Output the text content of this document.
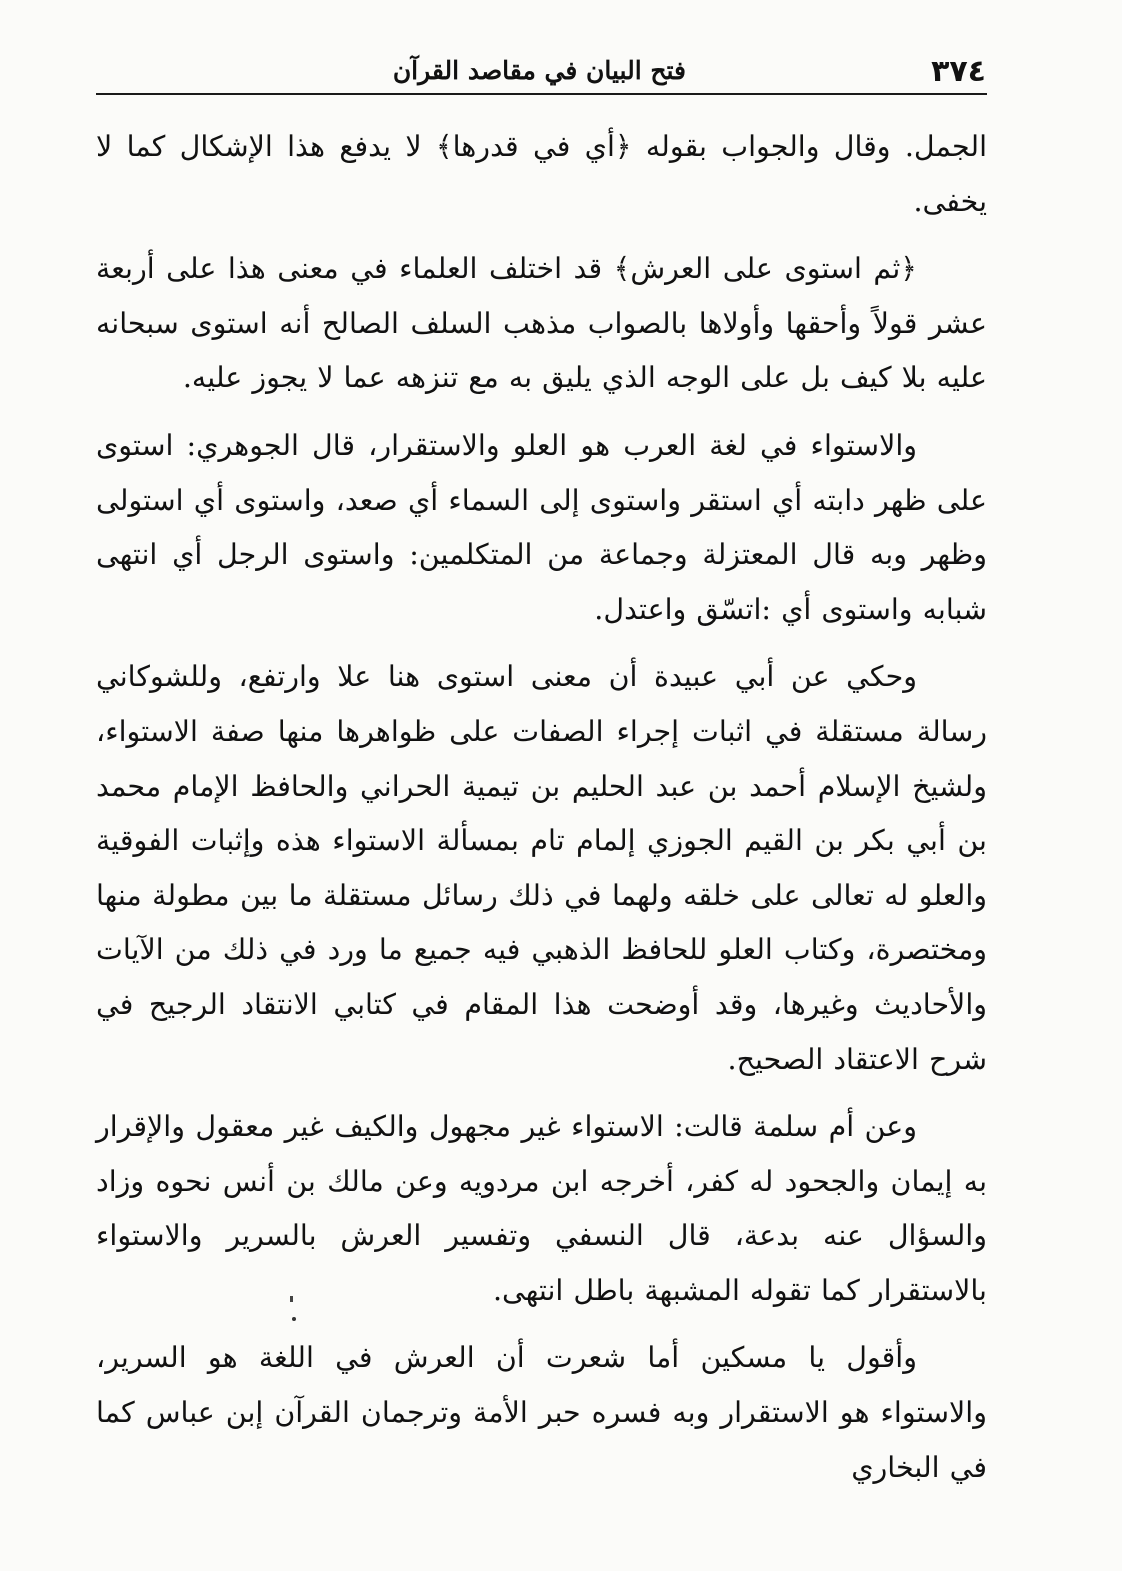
٣٧٤
فتح البيان في مقاصد القرآن

الجمل. وقال والجواب بقوله ﴿أي في قدرها﴾ لا يدفع هذا الإشكال كما لا يخفى.

﴿ثم استوى على العرش﴾ قد اختلف العلماء في معنى هذا على أربعة عشر قولاً وأحقها وأولاها بالصواب مذهب السلف الصالح أنه استوى سبحانه عليه بلا كيف بل على الوجه الذي يليق به مع تنزهه عما لا يجوز عليه.

والاستواء في لغة العرب هو العلو والاستقرار، قال الجوهري: استوى على ظهر دابته أي استقر واستوى إلى السماء أي صعد، واستوى أي استولى وظهر وبه قال المعتزلة وجماعة من المتكلمين: واستوى الرجل أي انتهى شبابه واستوى أي :اتسّق واعتدل.

وحكي عن أبي عبيدة أن معنى استوى هنا علا وارتفع، وللشوكاني رسالة مستقلة في اثبات إجراء الصفات على ظواهرها منها صفة الاستواء، ولشيخ الإسلام أحمد بن عبد الحليم بن تيمية الحراني والحافظ الإمام محمد بن أبي بكر بن القيم الجوزي إلمام تام بمسألة الاستواء هذه وإثبات الفوقية والعلو له تعالى على خلقه ولهما في ذلك رسائل مستقلة ما بين مطولة منها ومختصرة، وكتاب العلو للحافظ الذهبي فيه جميع ما ورد في ذلك من الآيات والأحاديث وغيرها، وقد أوضحت هذا المقام في كتابي الانتقاد الرجيح في شرح الاعتقاد الصحيح.

وعن أم سلمة قالت: الاستواء غير مجهول والكيف غير معقول والإقرار به إيمان والجحود له كفر، أخرجه ابن مردويه وعن مالك بن أنس نحوه وزاد والسؤال عنه بدعة، قال النسفي وتفسير العرش بالسرير والاستواء بالاستقرار كما تقوله المشبهة باطل انتهى.

وأقول يا مسكين أما شعرت أن العرش في اللغة هو السرير، والاستواء هو الاستقرار وبه فسره حبر الأمة وترجمان القرآن إبن عباس كما في البخاري
